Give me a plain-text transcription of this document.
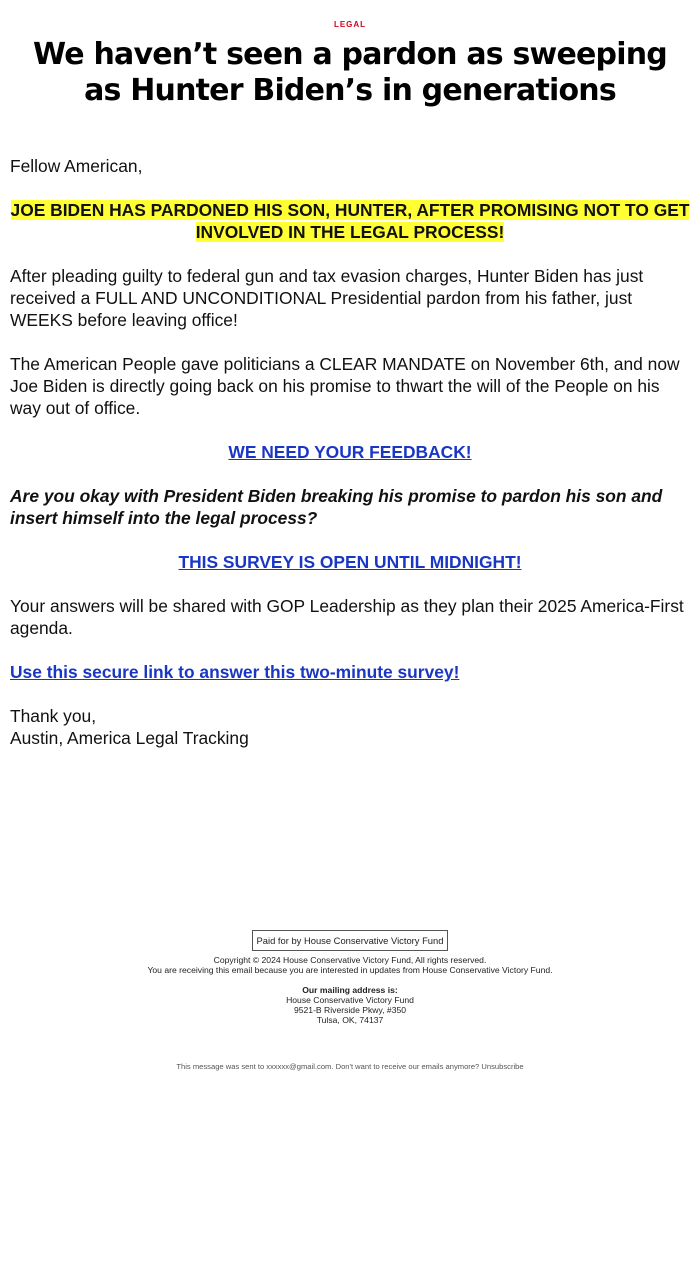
LEGAL
We haven’t seen a pardon as sweeping as Hunter Biden’s in generations

Fellow American,

JOE BIDEN HAS PARDONED HIS SON, HUNTER, AFTER PROMISING NOT TO GET INVOLVED IN THE LEGAL PROCESS!

After pleading guilty to federal gun and tax evasion charges, Hunter Biden has just received a FULL AND UNCONDITIONAL Presidential pardon from his father, just WEEKS before leaving office!

The American People gave politicians a CLEAR MANDATE on November 6th, and now Joe Biden is directly going back on his promise to thwart the will of the People on his way out of office.

WE NEED YOUR FEEDBACK!

Are you okay with President Biden breaking his promise to pardon his son and insert himself into the legal process?

THIS SURVEY IS OPEN UNTIL MIDNIGHT!

Your answers will be shared with GOP Leadership as they plan their 2025 America-First agenda.

Use this secure link to answer this two-minute survey!

Thank you,

Austin, America Legal Tracking

Paid for by House Conservative Victory Fund
Copyright © 2024 House Conservative Victory Fund, All rights reserved.
You are receiving this email because you are interested in updates from House Conservative Victory Fund.
Our mailing address is:
House Conservative Victory Fund
9521-B Riverside Pkwy, #350
Tulsa, OK, 74137
This message was sent to xxxxxx@gmail.com. Don't want to receive our emails anymore? Unsubscribe
